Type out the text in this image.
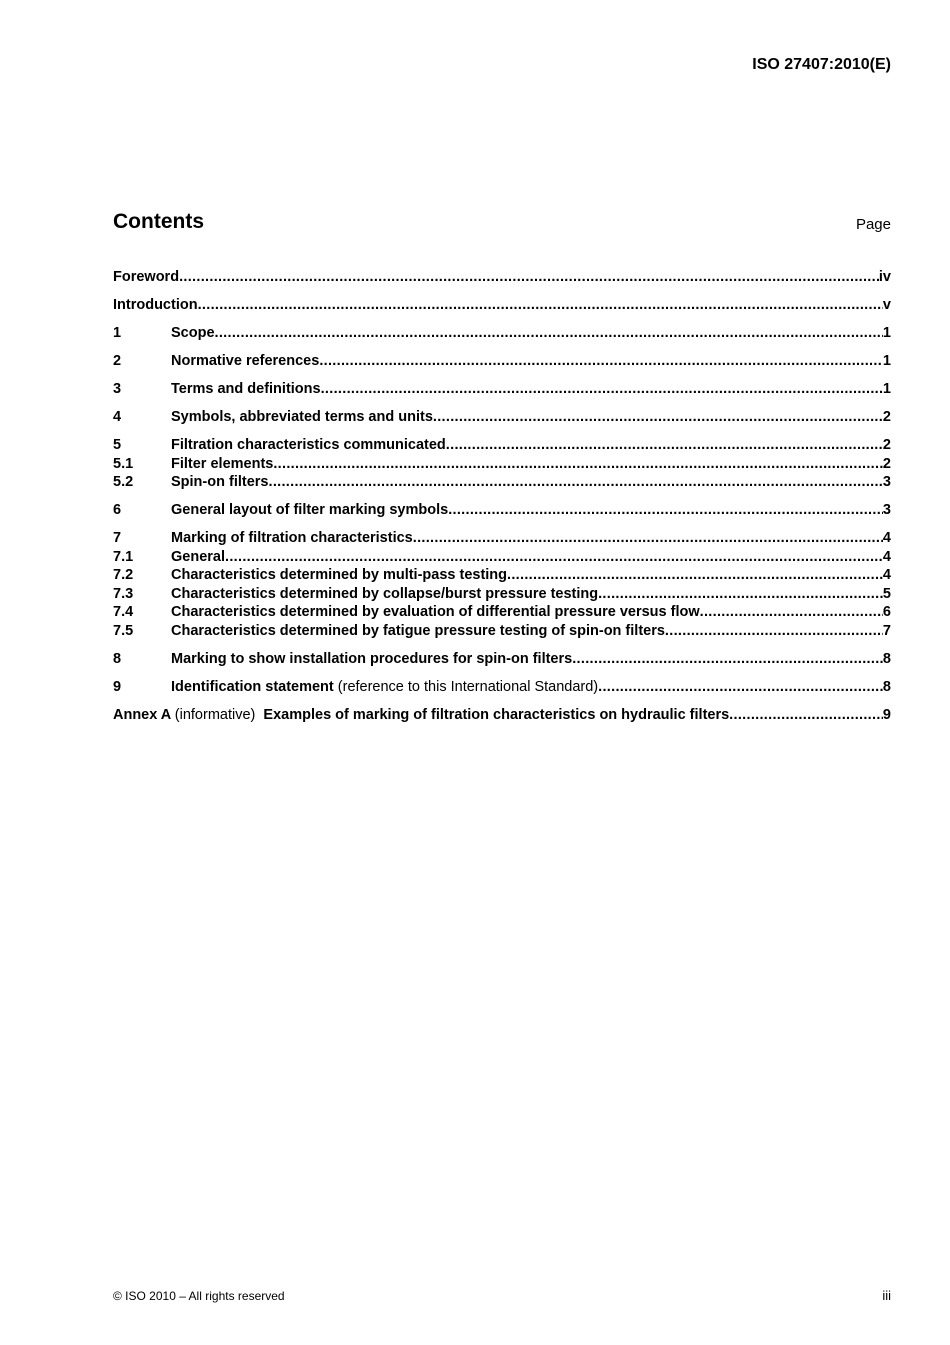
ISO 27407:2010(E)
Contents	Page
Foreword .....	iv
Introduction .....	v
1	Scope .....	1
2	Normative references .....	1
3	Terms and definitions .....	1
4	Symbols, abbreviated terms and units .....	2
5	Filtration characteristics communicated .....	2
5.1	Filter elements .....	2
5.2	Spin-on filters .....	3
6	General layout of filter marking symbols .....	3
7	Marking of filtration characteristics .....	4
7.1	General .....	4
7.2	Characteristics determined by multi-pass testing .....	4
7.3	Characteristics determined by collapse/burst pressure testing .....	5
7.4	Characteristics determined by evaluation of differential pressure versus flow .....	6
7.5	Characteristics determined by fatigue pressure testing of spin-on filters .....	7
8	Marking to show installation procedures for spin-on filters .....	8
9	Identification statement (reference to this International Standard) .....	8
Annex A (informative) Examples of marking of filtration characteristics on hydraulic filters .....	9
© ISO 2010 – All rights reserved	iii
